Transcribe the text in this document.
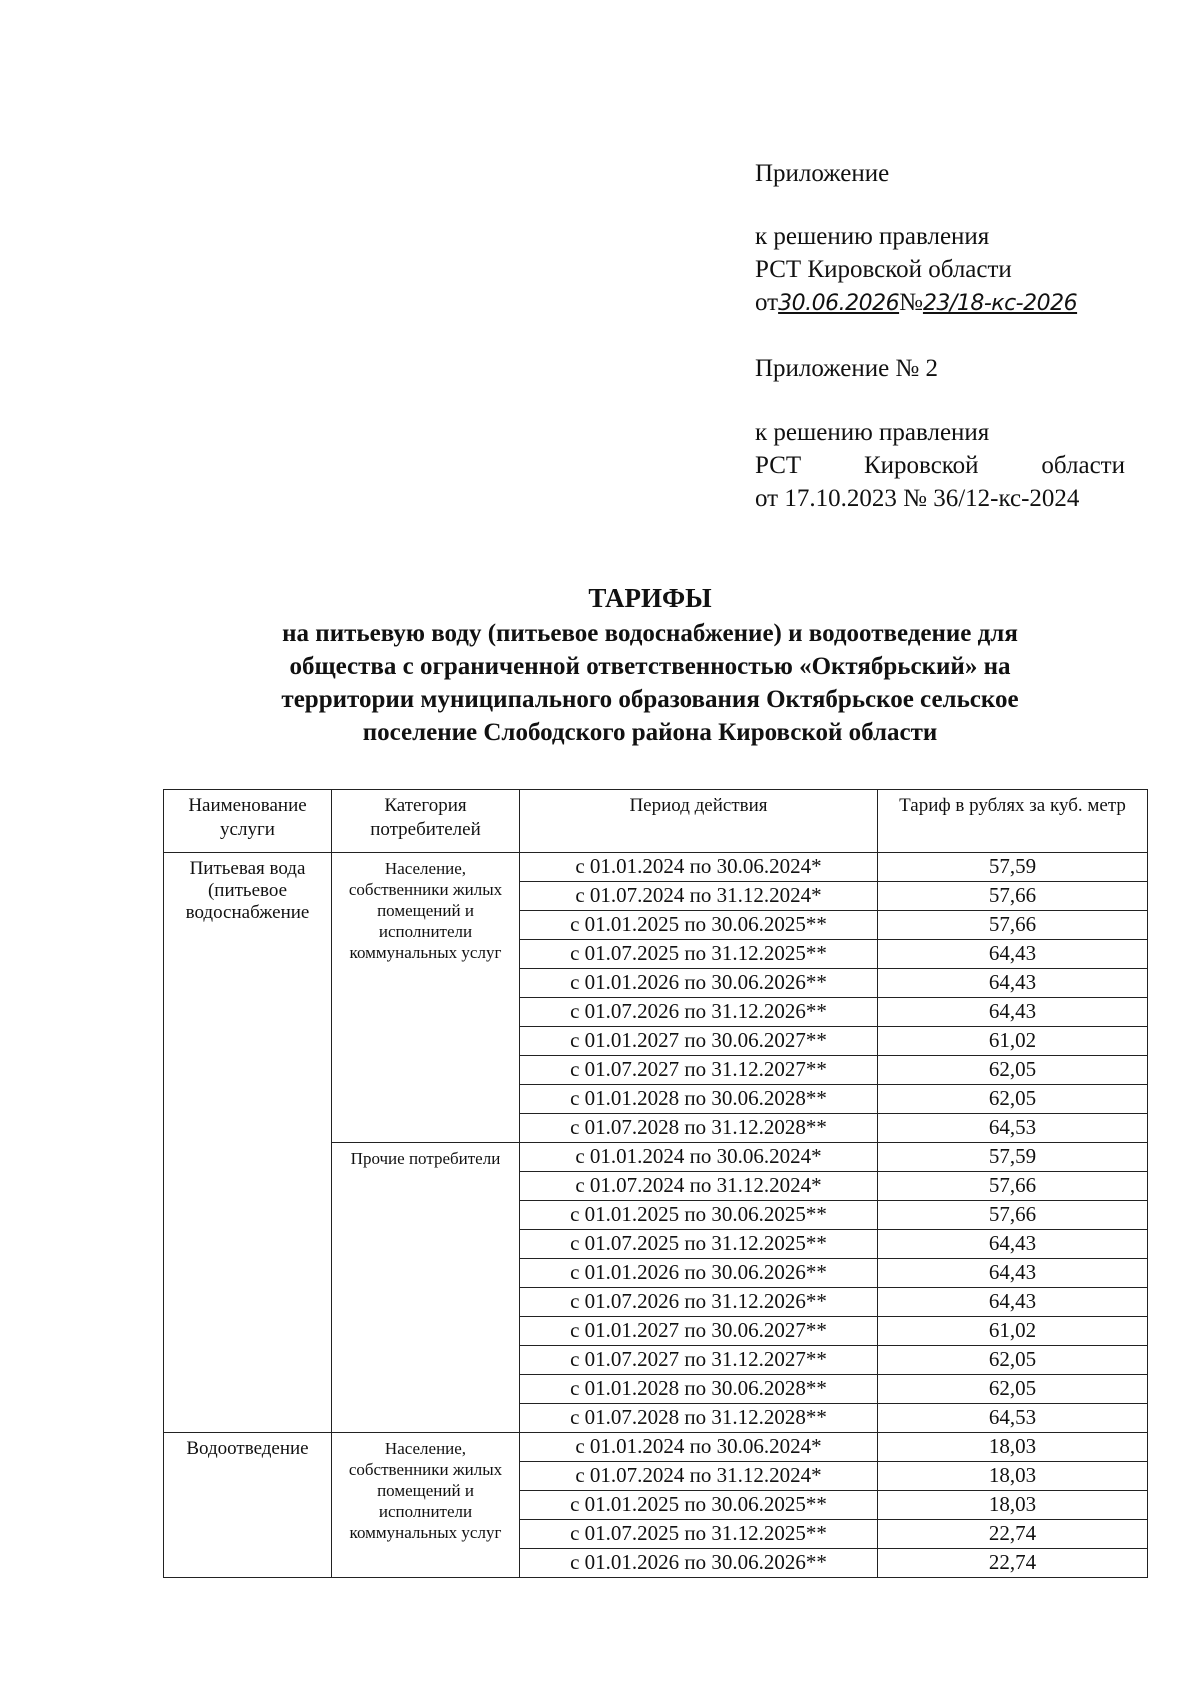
Приложение

к решению правления

РСТ Кировской области

от30.06.2026№23/18-кс-2026

Приложение № 2

к решению правления

РСТ	Кировской	области

от 17.10.2023 № 36/12-кс-2024

ТАРИФЫ

на питьевую воду (питьевое водоснабжение) и водоотведение для

общества с ограниченной ответственностью «Октябрьский» на

территории муниципального образования Октябрьское сельское

поселение Слободского района Кировской области

Наименование услуги	Категория потребителей	Период действия	Тариф в рублях за куб. метр
Питьевая вода (питьевое водоснабжение	Население, собственники жилых помещений и исполнители коммунальных услуг	с 01.01.2024 по 30.06.2024*	57,59
		с 01.07.2024 по 31.12.2024*	57,66
		с 01.01.2025 по 30.06.2025**	57,66
		с 01.07.2025 по 31.12.2025**	64,43
		с 01.01.2026 по 30.06.2026**	64,43
		с 01.07.2026 по 31.12.2026**	64,43
		с 01.01.2027 по 30.06.2027**	61,02
		с 01.07.2027 по 31.12.2027**	62,05
		с 01.01.2028 по 30.06.2028**	62,05
		с 01.07.2028 по 31.12.2028**	64,53
	Прочие потребители	с 01.01.2024 по 30.06.2024*	57,59
		с 01.07.2024 по 31.12.2024*	57,66
		с 01.01.2025 по 30.06.2025**	57,66
		с 01.07.2025 по 31.12.2025**	64,43
		с 01.01.2026 по 30.06.2026**	64,43
		с 01.07.2026 по 31.12.2026**	64,43
		с 01.01.2027 по 30.06.2027**	61,02
		с 01.07.2027 по 31.12.2027**	62,05
		с 01.01.2028 по 30.06.2028**	62,05
		с 01.07.2028 по 31.12.2028**	64,53
Водоотведение	Население, собственники жилых помещений и исполнители коммунальных услуг	с 01.01.2024 по 30.06.2024*	18,03
		с 01.07.2024 по 31.12.2024*	18,03
		с 01.01.2025 по 30.06.2025**	18,03
		с 01.07.2025 по 31.12.2025**	22,74
		с 01.01.2026 по 30.06.2026**	22,74
